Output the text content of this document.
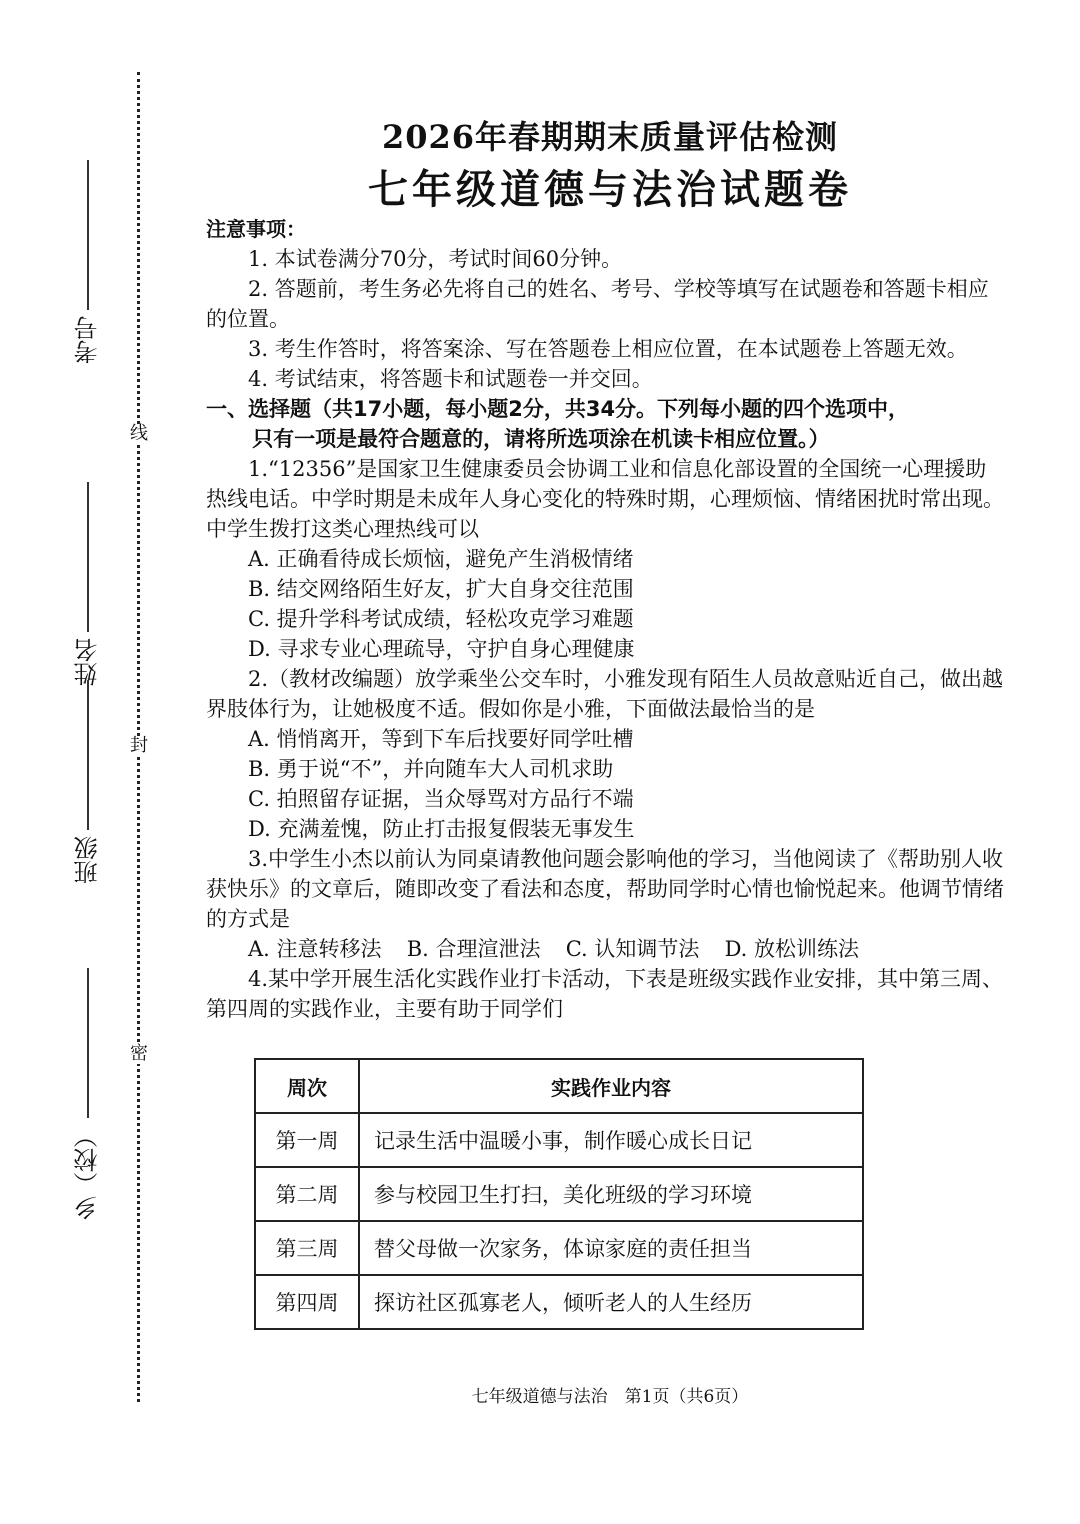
线
封
密
考号
姓名
班级
乡（校）
2026年春期期末质量评估检测
七年级道德与法治试题卷

注意事项：

1. 本试卷满分70分，考试时间60分钟。

2. 答题前，考生务必先将自己的姓名、考号、学校等填写在试题卷和答题卡相应的位置。

3. 考生作答时，将答案涂、写在答题卷上相应位置，在本试题卷上答题无效。

4. 考试结束，将答题卡和试题卷一并交回。

一、选择题（共17小题，每小题2分，共34分。下列每小题的四个选项中，
只有一项是最符合题意的，请将所选项涂在机读卡相应位置。）

1.“12356”是国家卫生健康委员会协调工业和信息化部设置的全国统一心理援助热线电话。中学时期是未成年人身心变化的特殊时期，心理烦恼、情绪困扰时常出现。中学生拨打这类心理热线可以

A. 正确看待成长烦恼，避免产生消极情绪

B. 结交网络陌生好友，扩大自身交往范围

C. 提升学科考试成绩，轻松攻克学习难题

D. 寻求专业心理疏导，守护自身心理健康

2.（教材改编题）放学乘坐公交车时，小雅发现有陌生人员故意贴近自己，做出越界肢体行为，让她极度不适。假如你是小雅，下面做法最恰当的是

A. 悄悄离开，等到下车后找要好同学吐槽

B. 勇于说“不”，并向随车大人司机求助

C. 拍照留存证据，当众辱骂对方品行不端

D. 充满羞愧，防止打击报复假装无事发生

3.中学生小杰以前认为同桌请教他问题会影响他的学习，当他阅读了《帮助别人收获快乐》的文章后，随即改变了看法和态度，帮助同学时心情也愉悦起来。他调节情绪的方式是

A. 注意转移法 B. 合理渲泄法 C. 认知调节法 D. 放松训练法

4.某中学开展生活化实践作业打卡活动，下表是班级实践作业安排，其中第三周、第四周的实践作业，主要有助于同学们

周次	实践作业内容
第一周	记录生活中温暖小事，制作暖心成长日记
第二周	参与校园卫生打扫，美化班级的学习环境
第三周	替父母做一次家务，体谅家庭的责任担当
第四周	探访社区孤寡老人，倾听老人的人生经历
七年级道德与法治　第1页（共6页）
